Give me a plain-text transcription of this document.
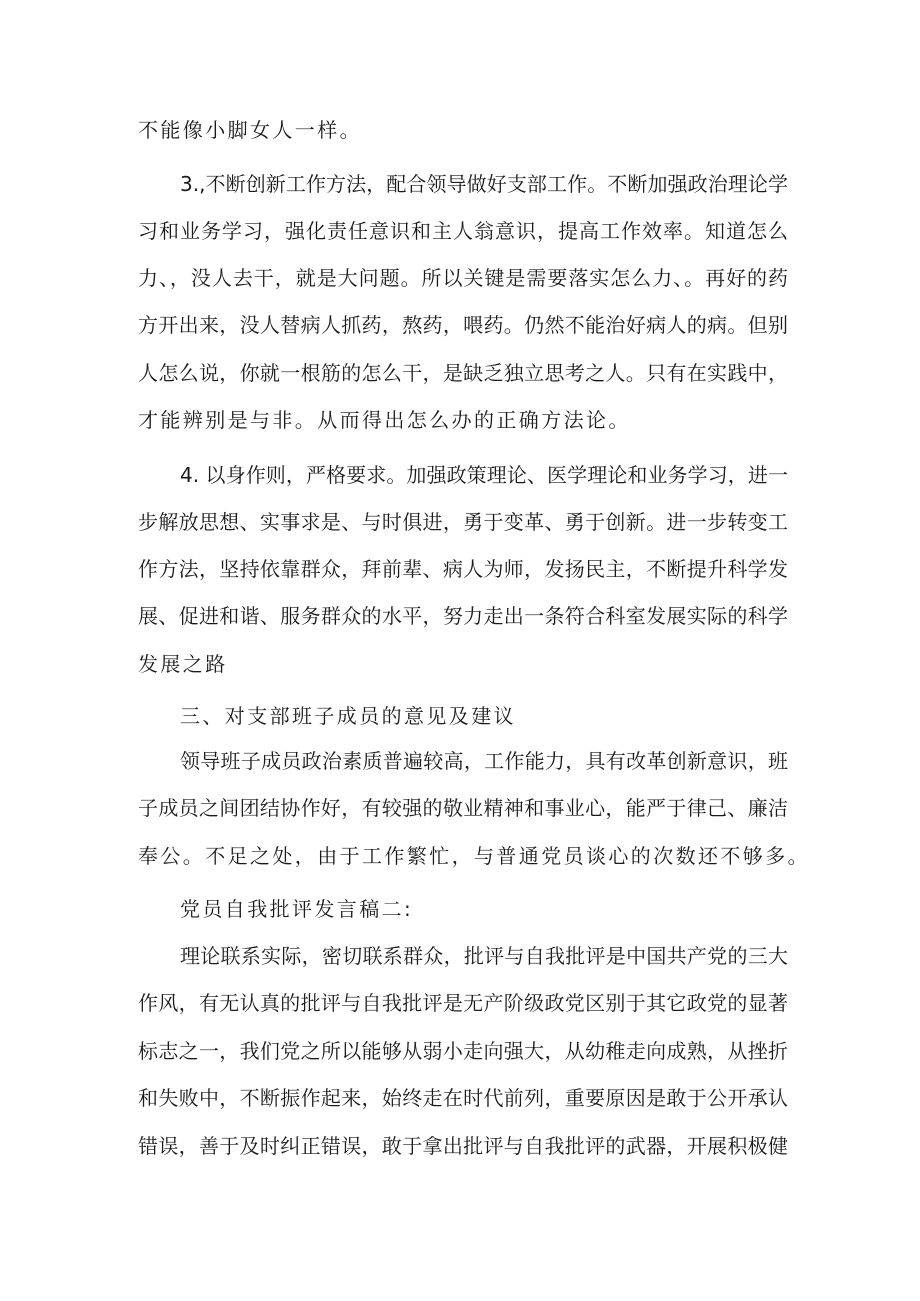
不能像小脚女人一样。
3.,不断创新工作方法，配合领导做好支部工作。不断加强政治理论学
习和业务学习，强化责任意识和主人翁意识，提高工作效率。知道怎么
力、，没人去干，就是大问题。所以关键是需要落实怎么力、。再好的药
方开出来，没人替病人抓药，熬药，喂药。仍然不能治好病人的病。但别
人怎么说，你就一根筋的怎么干，是缺乏独立思考之人。只有在实践中，
才能辨别是与非。从而得出怎么办的正确方法论。
4. 以身作则，严格要求。加强政策理论、医学理论和业务学习，进一
步解放思想、实事求是、与时俱进，勇于变革、勇于创新。进一步转变工
作方法，坚持依靠群众，拜前辈、病人为师，发扬民主，不断提升科学发
展、促进和谐、服务群众的水平，努力走出一条符合科室发展实际的科学
发展之路
三、对支部班子成员的意见及建议
领导班子成员政治素质普遍较高，工作能力，具有改革创新意识，班
子成员之间团结协作好，有较强的敬业精神和事业心，能严于律己、廉洁
奉公。不足之处，由于工作繁忙，与普通党员谈心的次数还不够多。
党员自我批评发言稿二:
理论联系实际，密切联系群众，批评与自我批评是中国共产党的三大
作风，有无认真的批评与自我批评是无产阶级政党区别于其它政党的显著
标志之一，我们党之所以能够从弱小走向强大，从幼稚走向成熟，从挫折
和失败中，不断振作起来，始终走在时代前列，重要原因是敢于公开承认
错误，善于及时纠正错误，敢于拿出批评与自我批评的武器，开展积极健
